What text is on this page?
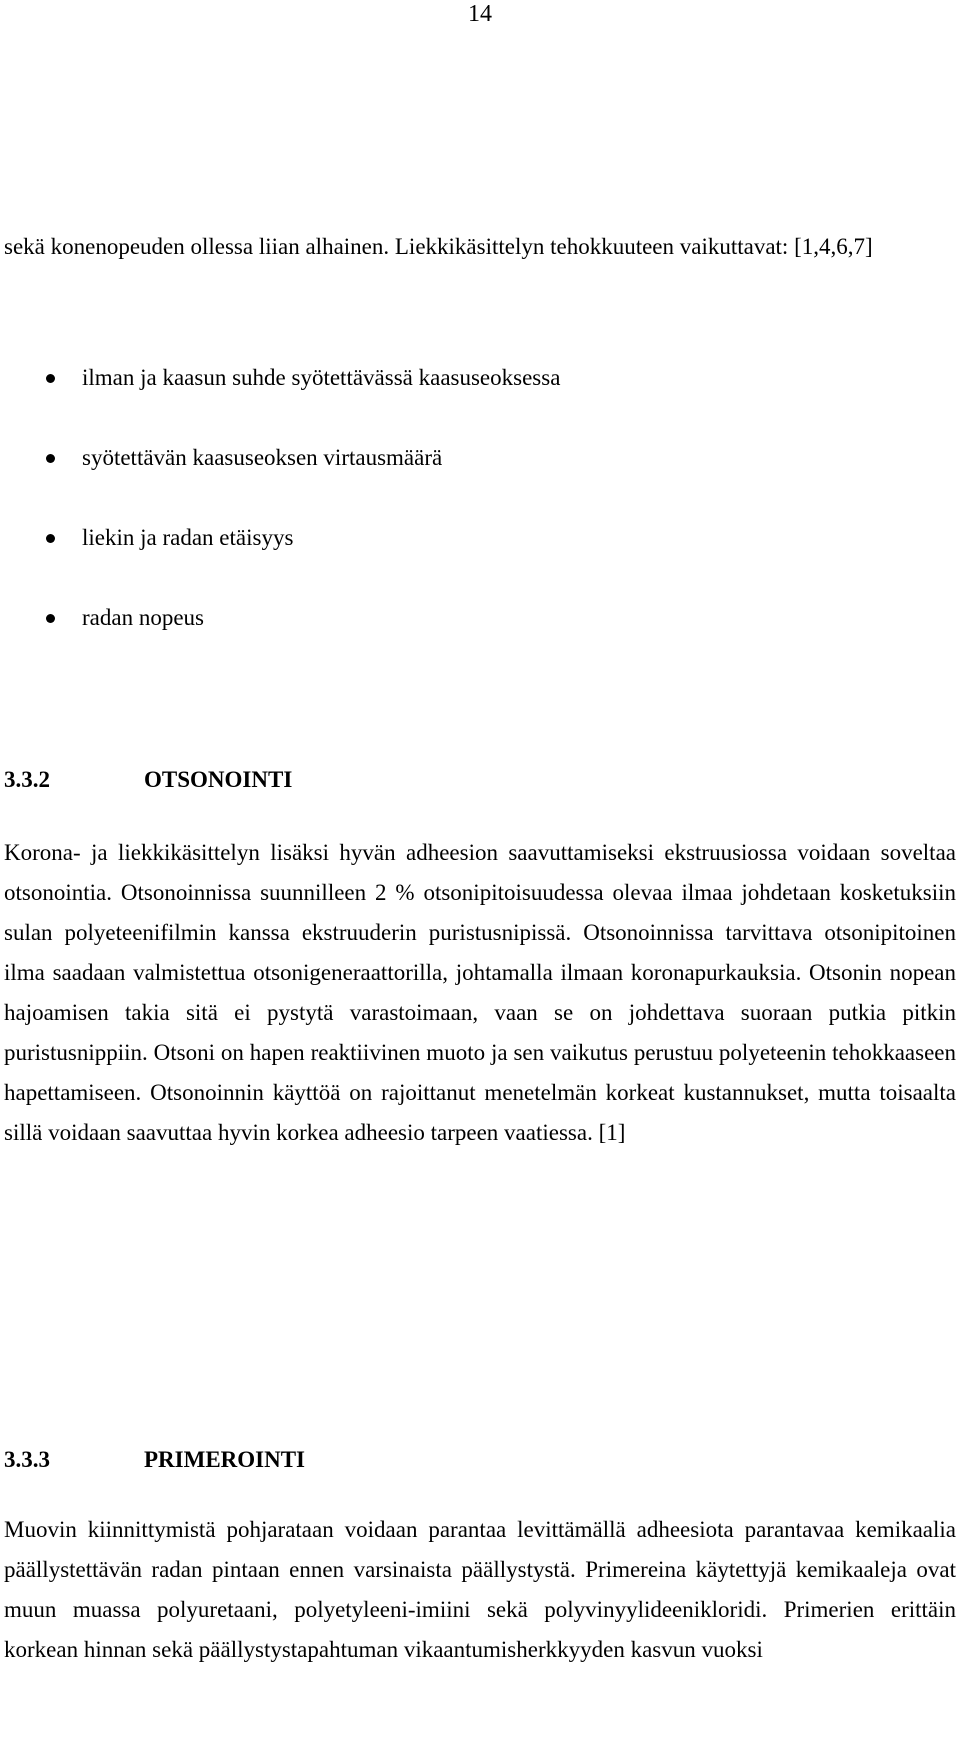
14

sekä konenopeuden ollessa liian alhainen. Liekkikäsittelyn tehokkuuteen vaikuttavat: [1,4,6,7]

ilman ja kaasun suhde syötettävässä kaasuseoksessa
syötettävän kaasuseoksen virtausmäärä
liekin ja radan etäisyys
radan nopeus
3.3.2	OTSONOINTI

Korona- ja liekkikäsittelyn lisäksi hyvän adheesion saavuttamiseksi ekstruusiossa voidaan soveltaa otsonointia. Otsonoinnissa suunnilleen 2 % otsonipitoisuudessa olevaa ilmaa johdetaan kosketuksiin sulan polyeteenifilmin kanssa ekstruuderin puristusnipissä. Otsonoinnissa tarvittava otsonipitoinen ilma saadaan valmistettua otsonigeneraattorilla, johtamalla ilmaan koronapurkauksia. Otsonin nopean hajoamisen takia sitä ei pystytä varastoimaan, vaan se on johdettava suoraan putkia pitkin puristusnippiin. Otsoni on hapen reaktiivinen muoto ja sen vaikutus perustuu polyeteenin tehokkaaseen hapettamiseen. Otsonoinnin käyttöä on rajoittanut menetelmän korkeat kustannukset, mutta toisaalta sillä voidaan saavuttaa hyvin korkea adheesio tarpeen vaatiessa. [1]

3.3.3	PRIMEROINTI

Muovin kiinnittymistä pohjarataan voidaan parantaa levittämällä adheesiota parantavaa kemikaalia päällystettävän radan pintaan ennen varsinaista päällystystä. Primereina käytettyjä kemikaaleja ovat muun muassa polyuretaani, polyetyleeni-imiini sekä polyvinyylideenikloridi. Primerien erittäin korkean hinnan sekä päällystystapahtuman vikaantumisherkkyyden kasvun vuoksi
